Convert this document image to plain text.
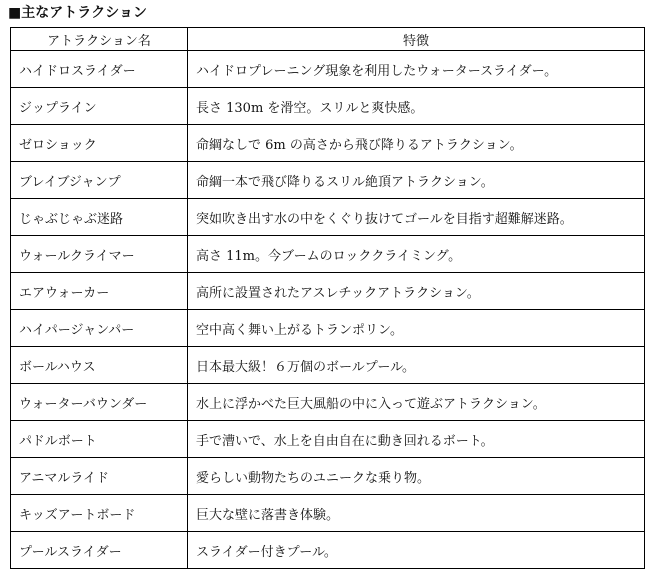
■主なアトラクション
アトラクション名	特徴
ハイドロスライダー	ハイドロプレーニング現象を利用したウォータースライダー。
ジップライン	長さ 130m を滑空。スリルと爽快感。
ゼロショック	命綱なしで 6m の高さから飛び降りるアトラクション。
ブレイブジャンプ	命綱一本で飛び降りるスリル絶頂アトラクション。
じゃぶじゃぶ迷路	突如吹き出す水の中をくぐり抜けてゴールを目指す超難解迷路。
ウォールクライマー	高さ 11m。今ブームのロッククライミング。
エアウォーカー	高所に設置されたアスレチックアトラクション。
ハイパージャンパー	空中高く舞い上がるトランポリン。
ボールハウス	日本最大級！６万個のボールプール。
ウォーターバウンダー	水上に浮かべた巨大風船の中に入って遊ぶアトラクション。
パドルボート	手で漕いで、水上を自由自在に動き回れるボート。
アニマルライド	愛らしい動物たちのユニークな乗り物。
キッズアートボード	巨大な壁に落書き体験。
プールスライダー	スライダー付きプール。
